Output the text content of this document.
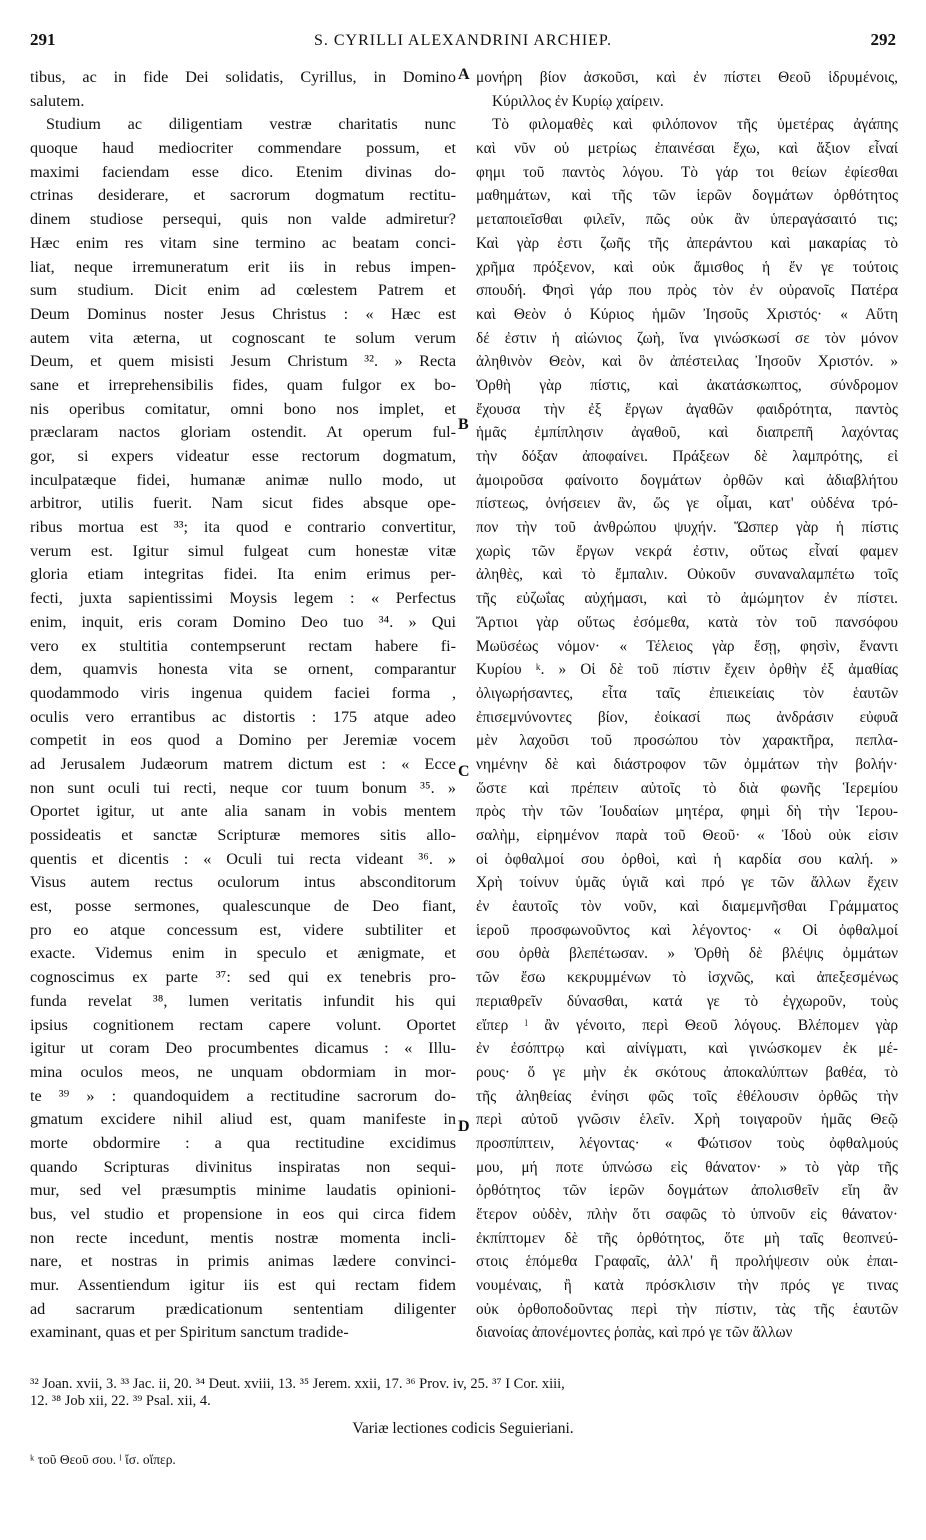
291	S. CYRILLI ALEXANDRINI ARCHIEP.	292
tibus, ac in fide Dei solidatis, Cyrillus, in Domino
salutem.
Studium ac diligentiam vestræ charitatis nunc
quoque haud mediocriter commendare possum, et
maximi faciendam esse dico. Etenim divinas do-
ctrinas desiderare, et sacrorum dogmatum rectitu-
dinem studiose persequi, quis non valde admiretur?
Hæc enim res vitam sine termino ac beatam conci-
liat, neque irremuneratum erit iis in rebus impen-
sum studium. Dicit enim ad cœlestem Patrem et
Deum Dominus noster Jesus Christus : « Hæc est
autem vita æterna, ut cognoscant te solum verum
Deum, et quem misisti Jesum Christum ³². » Recta
sane et irreprehensibilis fides, quam fulgor ex bo-
nis operibus comitatur, omni bono nos implet, et
præclaram nactos gloriam ostendit. At operum ful-
gor, si expers videatur esse rectorum dogmatum,
inculpatæque fidei, humanæ animæ nullo modo, ut
arbitror, utilis fuerit. Nam sicut fides absque ope-
ribus mortua est ³³; ita quod e contrario convertitur,
verum est. Igitur simul fulgeat cum honestæ vitæ
gloria etiam integritas fidei. Ita enim erimus per-
fecti, juxta sapientissimi Moysis legem : « Perfectus
enim, inquit, eris coram Domino Deo tuo ³⁴. » Qui
vero ex stultitia contempserunt rectam habere fi-
dem, quamvis honesta vita se ornent, comparantur
quodammodo viris ingenua quidem faciei forma ,
oculis vero errantibus ac distortis : 175 atque adeo
competit in eos quod a Domino per Jeremiæ vocem
ad Jerusalem Judæorum matrem dictum est : « Ecce
non sunt oculi tui recti, neque cor tuum bonum ³⁵. »
Oportet igitur, ut ante alia sanam in vobis mentem
possideatis et sanctæ Scripturæ memores sitis allo-
quentis et dicentis : « Oculi tui recta videant ³⁶. »
Visus autem rectus oculorum intus absconditorum
est, posse sermones, qualescunque de Deo fiant,
pro eo atque concessum est, videre subtiliter et
exacte. Videmus enim in speculo et ænigmate, et
cognoscimus ex parte ³⁷: sed qui ex tenebris pro-
funda revelat ³⁸, lumen veritatis infundit his qui
ipsius cognitionem rectam capere volunt. Oportet
igitur ut coram Deo procumbentes dicamus : « Illu-
mina oculos meos, ne unquam obdormiam in mor-
te ³⁹ » : quandoquidem a rectitudine sacrorum do-
gmatum excidere nihil aliud est, quam manifeste in
morte obdormire : a qua rectitudine excidimus
quando Scripturas divinitus inspiratas non sequi-
mur, sed vel præsumptis minime laudatis opinioni-
bus, vel studio et propensione in eos qui circa fidem
non recte incedunt, mentis nostræ momenta incli-
nare, et nostras in primis animas lædere convinci-
mur. Assentiendum igitur iis est qui rectam fidem
ad sacrarum prædicationum sententiam diligenter
examinant, quas et per Spiritum sanctum tradide-
μονήρη βίον ἀσκοῦσι, καὶ ἐν πίστει Θεοῦ ἱδρυμένοις,
Κύριλλος ἐν Κυρίῳ χαίρειν.
Τὸ φιλομαθὲς καὶ φιλόπονον τῆς ὑμετέρας ἀγάπης
καὶ νῦν οὐ μετρίως ἐπαινέσαι ἔχω, καὶ ἄξιον εἶναί
φημι τοῦ παντὸς λόγου. Τὸ γάρ τοι θείων ἐφίεσθαι
μαθημάτων, καὶ τῆς τῶν ἱερῶν δογμάτων ὀρθότητος
μεταποιεῖσθαι φιλεῖν, πῶς οὐκ ἂν ὑπεραγάσαιτό τις;
Καὶ γὰρ ἐστι ζωῆς τῆς ἀπεράντου καὶ μακαρίας τὸ
χρῆμα πρόξενον, καὶ οὐκ ἄμισθος ἡ ἔν γε τούτοις
σπουδή. Φησὶ γάρ που πρὸς τὸν ἐν οὐρανοῖς Πατέρα
καὶ Θεὸν ὁ Κύριος ἡμῶν Ἰησοῦς Χριστός· « Αὕτη
δέ ἐστιν ἡ αἰώνιος ζωὴ, ἵνα γινώσκωσί σε τὸν μόνον
ἀληθινὸν Θεὸν, καὶ ὃν ἀπέστειλας Ἰησοῦν Χριστόν. »
Ὀρθὴ γὰρ πίστις, καὶ ἀκατάσκωπτος, σύνδρομον
ἔχουσα τὴν ἐξ ἔργων ἀγαθῶν φαιδρότητα, παντὸς
ἡμᾶς ἐμπίπλησιν ἀγαθοῦ, καὶ διαπρεπῆ λαχόντας
τὴν δόξαν ἀποφαίνει. Πράξεων δὲ λαμπρότης, εἰ
ἀμοιροῦσα φαίνοιτο δογμάτων ὀρθῶν καὶ ἀδιαβλήτου
πίστεως, ὀνήσειεν ἂν, ὥς γε οἶμαι, κατ' οὐδένα τρό-
πον τὴν τοῦ ἀνθρώπου ψυχήν. Ὥσπερ γὰρ ἡ πίστις
χωρὶς τῶν ἔργων νεκρά ἐστιν, οὕτως εἶναί φαμεν
ἀληθὲς, καὶ τὸ ἔμπαλιν. Οὐκοῦν συναναλαμπέτω τοῖς
τῆς εὐζωΐας αὐχήμασι, καὶ τὸ ἀμώμητον ἐν πίστει.
Ἄρτιοι γὰρ οὕτως ἐσόμεθα, κατὰ τὸν τοῦ πανσόφου
Μωϋσέως νόμον· « Τέλειος γὰρ ἔσῃ, φησὶν, ἔναντι
Κυρίου ᵏ. » Οἱ δὲ τοῦ πίστιν ἔχειν ὀρθὴν ἐξ ἀμαθίας
ὀλιγωρήσαντες, εἶτα ταῖς ἐπιεικείαις τὸν ἑαυτῶν
ἐπισεμνύνοντες βίον, ἐοίκασί πως ἀνδράσιν εὐφυᾶ
μὲν λαχοῦσι τοῦ προσώπου τὸν χαρακτῆρα, πεπλα-
νημένην δὲ καὶ διάστροφον τῶν ὀμμάτων τὴν βολήν·
ὥστε καὶ πρέπειν αὐτοῖς τὸ διὰ φωνῆς Ἱερεμίου
πρὸς τὴν τῶν Ἰουδαίων μητέρα, φημὶ δὴ τὴν Ἱερου-
σαλὴμ, εἰρημένον παρὰ τοῦ Θεοῦ· « Ἰδοὺ οὐκ εἰσιν
οἱ ὀφθαλμοί σου ὀρθοὶ, καὶ ἡ καρδία σου καλή. »
Χρὴ τοίνυν ὑμᾶς ὑγιᾶ καὶ πρό γε τῶν ἄλλων ἔχειν
ἐν ἑαυτοῖς τὸν νοῦν, καὶ διαμεμνῆσθαι Γράμματος
ἱεροῦ προσφωνοῦντος καὶ λέγοντος· « Οἱ ὀφθαλμοί
σου ὀρθὰ βλεπέτωσαν. » Ὀρθὴ δὲ βλέψις ὀμμάτων
τῶν ἔσω κεκρυμμένων τὸ ἰσχνῶς, καὶ ἀπεξεσμένως
περιαθρεῖν δύνασθαι, κατά γε τὸ ἐγχωροῦν, τοὺς
εἴπερ ˡ ἂν γένοιτο, περὶ Θεοῦ λόγους. Βλέπομεν γὰρ
ἐν ἐσόπτρῳ καὶ αἰνίγματι, καὶ γινώσκομεν ἐκ μέ-
ρους· ὅ γε μὴν ἐκ σκότους ἀποκαλύπτων βαθέα, τὸ
τῆς ἀληθείας ἐνίησι φῶς τοῖς ἐθέλουσιν ὀρθῶς τὴν
περὶ αὐτοῦ γνῶσιν ἑλεῖν. Χρὴ τοιγαροῦν ἡμᾶς Θεῷ
προσπίπτειν, λέγοντας· « Φώτισον τοὺς ὀφθαλμούς
μου, μή ποτε ὑπνώσω εἰς θάνατον· » τὸ γὰρ τῆς
ὀρθότητος τῶν ἱερῶν δογμάτων ἀπολισθεῖν εἴη ἂν
ἕτερον οὐδὲν, πλὴν ὅτι σαφῶς τὸ ὑπνοῦν εἰς θάνατον·
ἐκπίπτομεν δὲ τῆς ὀρθότητος, ὅτε μὴ ταῖς θεοπνεύ-
στοις ἑπόμεθα Γραφαῖς, ἀλλ' ἢ προλήψεσιν οὐκ ἐπαι-
νουμέναις, ἢ κατὰ πρόσκλισιν τὴν πρός γε τινας
οὐκ ὀρθοποδοῦντας περὶ τὴν πίστιν, τὰς τῆς ἑαυτῶν
διανοίας ἀπονέμοντες ῥοπὰς, καὶ πρό γε τῶν ἄλλων
A
B
C
D
³² Joan. xvii, 3. ³³ Jac. ii, 20. ³⁴ Deut. xviii, 13. ³⁵ Jerem. xxii, 17. ³⁶ Prov. iv, 25. ³⁷ I Cor. xiii,
12. ³⁸ Job xii, 22. ³⁹ Psal. xii, 4.
Variæ lectiones codicis Seguieriani.
ᵏ τοῦ Θεοῦ σου. ˡ ἴσ. οἵπερ.
